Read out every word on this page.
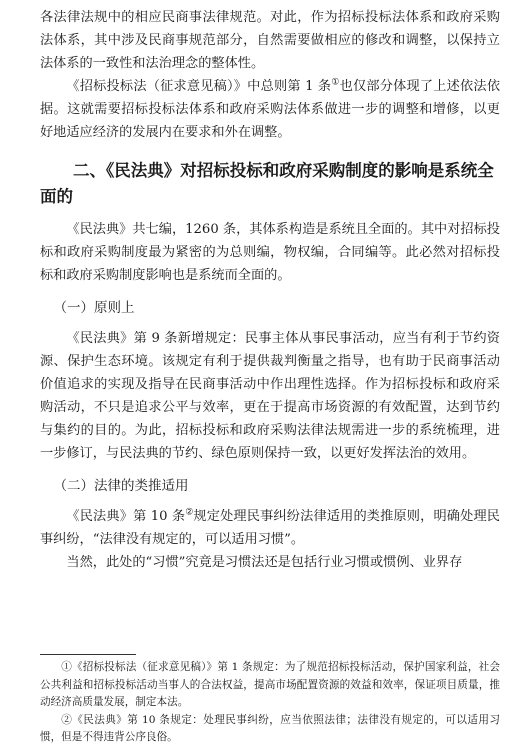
各法律法规中的相应民商事法律规范。对此，作为招标投标法体系和政府采购法体系，其中涉及民商事规范部分，自然需要做相应的修改和调整，以保持立法体系的一致性和法治理念的整体性。

《招标投标法（征求意见稿）》中总则第 1 条①也仅部分体现了上述依法依据。这就需要招标投标法体系和政府采购法体系做进一步的调整和增修，以更好地适应经济的发展内在要求和外在调整。

二、《民法典》对招标投标和政府采购制度的影响是系统全面的

《民法典》共七编，1260 条，其体系构造是系统且全面的。其中对招标投标和政府采购制度最为紧密的为总则编，物权编，合同编等。此必然对招标投标和政府采购制度影响也是系统而全面的。

（一）原则上

《民法典》第 9 条新增规定：民事主体从事民事活动，应当有利于节约资源、保护生态环境。该规定有利于提供裁判衡量之指导，也有助于民商事活动价值追求的实现及指导在民商事活动中作出理性选择。作为招标投标和政府采购活动，不只是追求公平与效率，更在于提高市场资源的有效配置，达到节约与集约的目的。为此，招标投标和政府采购法律法规需进一步的系统梳理，进一步修订，与民法典的节约、绿色原则保持一致，以更好发挥法治的效用。

（二）法律的类推适用

《民法典》第 10 条②规定处理民事纠纷法律适用的类推原则，明确处理民事纠纷，“法律没有规定的，可以适用习惯”。

当然，此处的“习惯”究竟是习惯法还是包括行业习惯或惯例、业界存

①《招标投标法（征求意见稿）》第 1 条规定：为了规范招标投标活动，保护国家利益，社会公共利益和招标投标活动当事人的合法权益，提高市场配置资源的效益和效率，保证项目质量，推动经济高质量发展，制定本法。

②《民法典》第 10 条规定：处理民事纠纷，应当依照法律；法律没有规定的，可以适用习惯，但是不得违背公序良俗。
